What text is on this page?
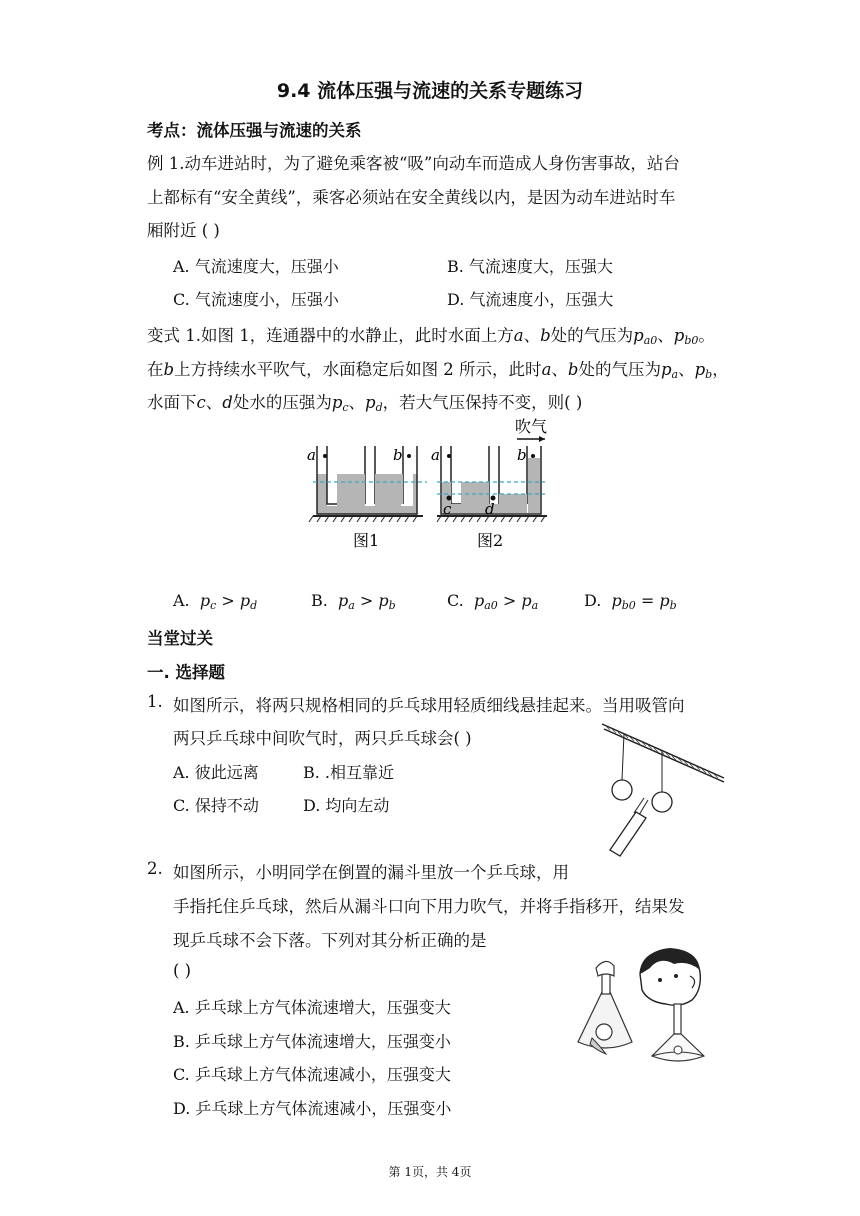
9.4 流体压强与流速的关系专题练习
考点：流体压强与流速的关系
例 1.动车进站时，为了避免乘客被“吸”向动车而造成人身伤害事故，站台
上都标有“安全黄线”，乘客必须站在安全黄线以内，是因为动车进站时车
厢附近 ( )
A. 气流速度大，压强小	B. 气流速度大，压强大
C. 气流速度小，压强小	D. 气流速度小，压强大
变式 1.如图 1，连通器中的水静止，此时水面上方a、b处的气压为$p_{a0}$、$p_{b0}$。
在b上方持续水平吹气，水面稳定后如图 2 所示，此时a、b处的气压为$p_a$、$p_b$，
水面下c、d处水的压强为$p_c$、$p_d$，若大气压保持不变，则( )
a	b
图1
a	b
c d
吹气
图2
A. $p_c > p_d$	B. $p_a > p_b$	C. $p_{a0} > p_a$	D. $p_{b0} = p_b$
当堂过关
一. 选择题
1. 如图所示，将两只规格相同的乒乓球用轻质细线悬挂起来。当用吸管向
两只乒乓球中间吹气时，两只乒乓球会( )
A. 彼此远离	B. .相互靠近
C. 保持不动	D. 均向左动
2. 如图所示，小明同学在倒置的漏斗里放一个乒乓球，用
手指托住乒乓球，然后从漏斗口向下用力吹气，并将手指移开，结果发
现乒乓球不会下落。下列对其分析正确的是
( )
A. 乒乓球上方气体流速增大，压强变大
B. 乒乓球上方气体流速增大，压强变小
C. 乒乓球上方气体流速减小，压强变大
D. 乒乓球上方气体流速减小，压强变小
第 1页，共 4页
